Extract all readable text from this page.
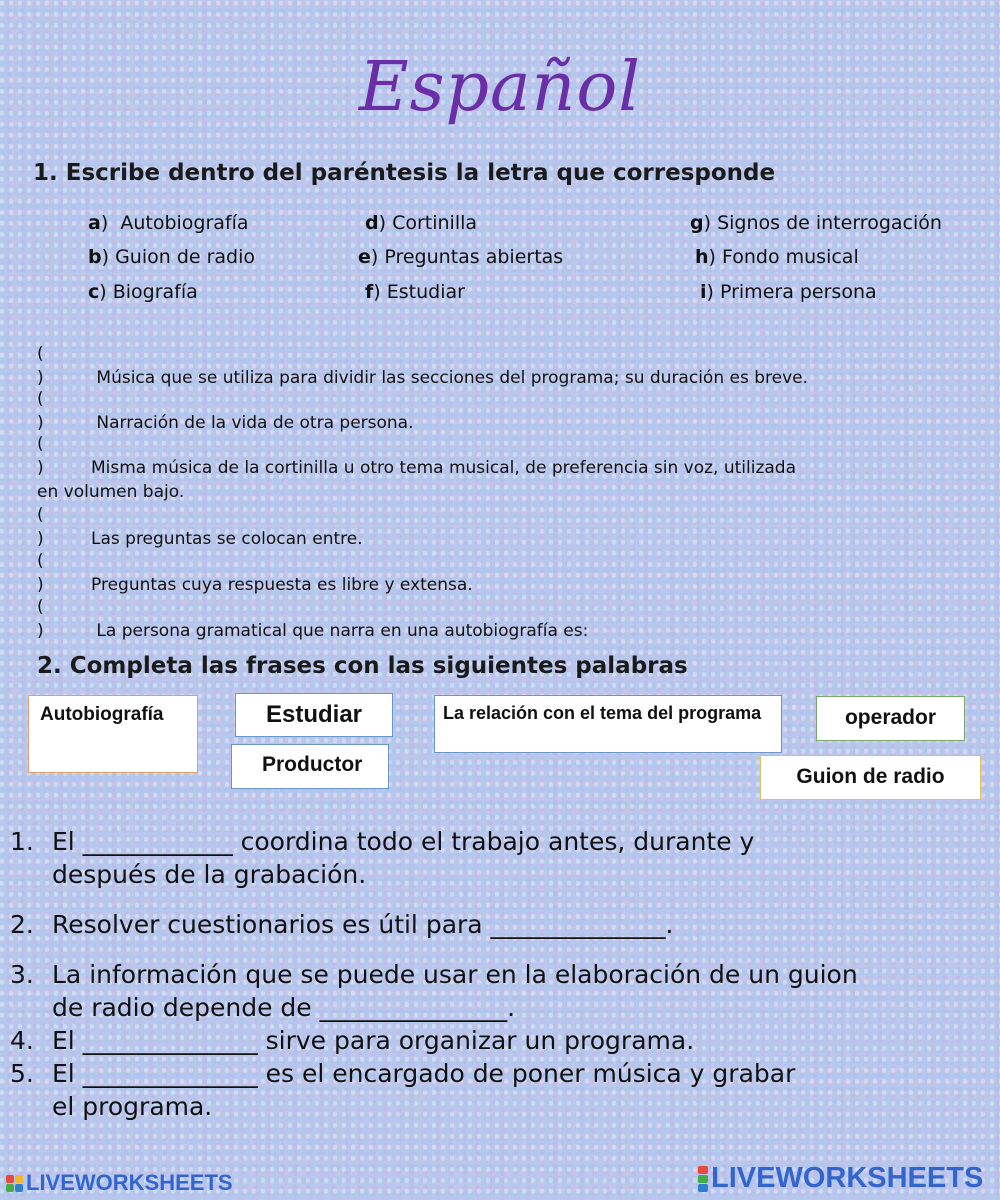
Español
1. Escribe dentro del paréntesis la letra que corresponde
a)  Autobiografía
b) Guion de radio
c) Biografía
d) Cortinilla
e) Preguntas abiertas
f) Estudiar
g) Signos de interrogación
h) Fondo musical
i) Primera persona
()	Música que se utiliza para dividir las secciones del programa; su duración es breve.
()	Narración de la vida de otra persona.
()	Misma música de la cortinilla u otro tema musical, de preferencia sin voz, utilizada
en volumen bajo.
()	Las preguntas se colocan entre.
()	Preguntas cuya respuesta es libre y extensa.
()	La persona gramatical que narra en una autobiografía es:
2. Completa las frases con las siguientes palabras
Autobiografía	Estudiar	La relación con el tema del programa	operador
Productor
Guion de radio
1. El ____________ coordina todo el trabajo antes, durante y
después de la grabación.
2. Resolver cuestionarios es útil para ______________.
3. La información que se puede usar en la elaboración de un guion
de radio depende de _______________.
4. El ______________ sirve para organizar un programa.
5. El ______________ es el encargado de poner música y grabar
el programa.
LIVEWORKSHEETS	LIVEWORKSHEETS
